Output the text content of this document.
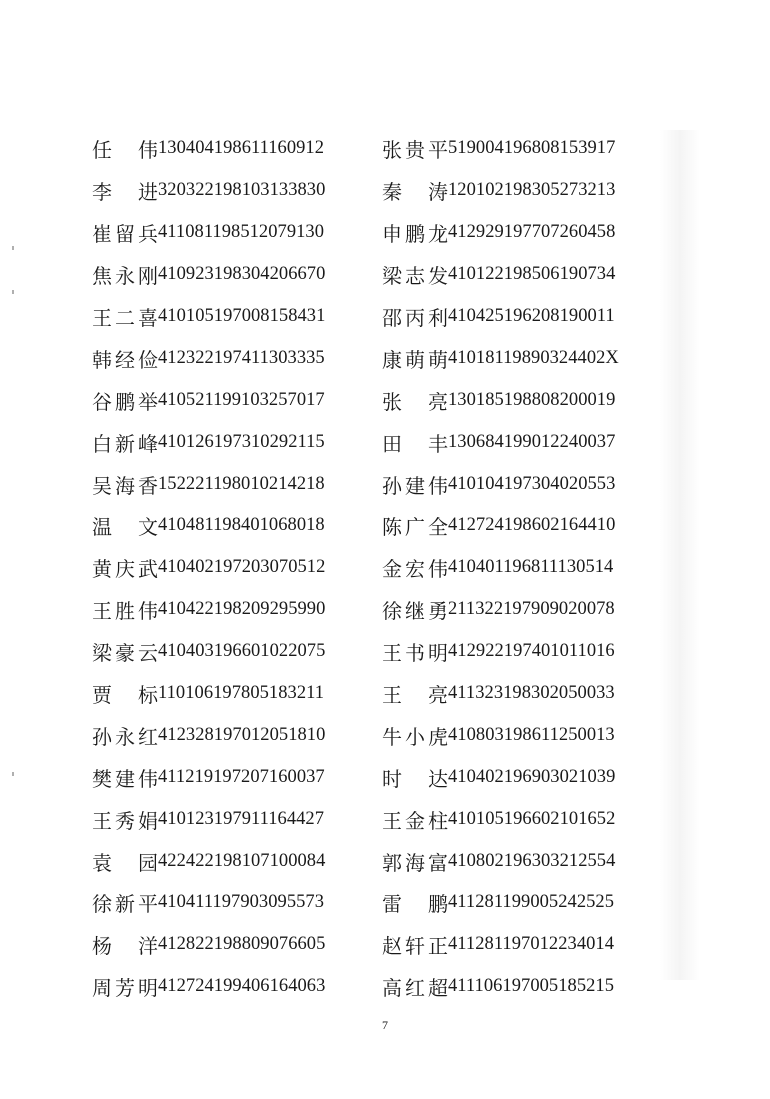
任伟 130404198611160912	张贵平 519004196808153917
李进 320322198103133830	秦涛 120102198305273213
崔留兵 411081198512079130	申鹏龙 412929197707260458
焦永刚 410923198304206670	梁志发 410122198506190734
王二喜 410105197008158431	邵丙利 410425196208190011
韩经俭 412322197411303335	康萌萌 41018119890324402X
谷鹏举 410521199103257017	张亮 130185198808200019
白新峰 410126197310292115	田丰 130684199012240037
吴海香 152221198010214218	孙建伟 410104197304020553
温文 410481198401068018	陈广全 412724198602164410
黄庆武 410402197203070512	金宏伟 410401196811130514
王胜伟 410422198209295990	徐继勇 211322197909020078
梁豪云 410403196601022075	王书明 412922197401011016
贾标 110106197805183211	王亮 411323198302050033
孙永红 412328197012051810	牛小虎 410803198611250013
樊建伟 411219197207160037	时达 410402196903021039
王秀娟 410123197911164427	王金柱 410105196602101652
袁园 422422198107100084	郭海富 410802196303212554
徐新平 410411197903095573	雷鹏 411281199005242525
杨洋 412822198809076605	赵轩正 411281197012234014
周芳明 412724199406164063	高红超 411106197005185215
7
